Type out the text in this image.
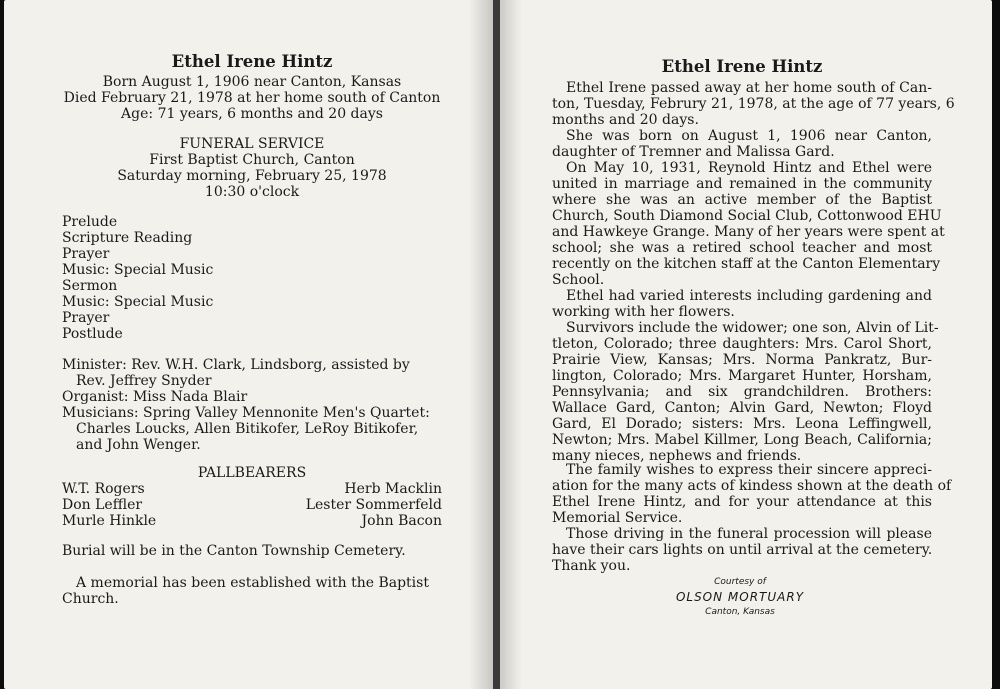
Ethel Irene Hintz
Born August 1, 1906 near Canton, Kansas
Died February 21, 1978 at her home south of Canton
Age: 71 years, 6 months and 20 days
FUNERAL SERVICE
First Baptist Church, Canton
Saturday morning, February 25, 1978
10:30 o'clock
Prelude
Scripture Reading
Prayer
Music: Special Music
Sermon
Music: Special Music
Prayer
Postlude
Minister: Rev. W.H. Clark, Lindsborg, assisted by
Rev. Jeffrey Snyder
Organist: Miss Nada Blair
Musicians: Spring Valley Mennonite Men's Quartet:
Charles Loucks, Allen Bitikofer, LeRoy Bitikofer,
and John Wenger.
PALLBEARERS
W.T. Rogers	Herb Macklin
Don Leffler	Lester Sommerfeld
Murle Hinkle	John Bacon
Burial will be in the Canton Township Cemetery.
A memorial has been established with the Baptist
Church.
Ethel Irene Hintz
Ethel Irene passed away at her home south of Can-
ton, Tuesday, Februry 21, 1978, at the age of 77 years, 6
months and 20 days.
She was born on August 1, 1906 near Canton,
daughter of Tremner and Malissa Gard.
On May 10, 1931, Reynold Hintz and Ethel were
united in marriage and remained in the community
where she was an active member of the Baptist
Church, South Diamond Social Club, Cottonwood EHU
and Hawkeye Grange. Many of her years were spent at
school; she was a retired school teacher and most
recently on the kitchen staff at the Canton Elementary
School.
Ethel had varied interests including gardening and
working with her flowers.
Survivors include the widower; one son, Alvin of Lit-
tleton, Colorado; three daughters: Mrs. Carol Short,
Prairie View, Kansas; Mrs. Norma Pankratz, Bur-
lington, Colorado; Mrs. Margaret Hunter, Horsham,
Pennsylvania; and six grandchildren. Brothers:
Wallace Gard, Canton; Alvin Gard, Newton; Floyd
Gard, El Dorado; sisters: Mrs. Leona Leffingwell,
Newton; Mrs. Mabel Killmer, Long Beach, California;
many nieces, nephews and friends.
The family wishes to express their sincere appreci-
ation for the many acts of kindess shown at the death of
Ethel Irene Hintz, and for your attendance at this
Memorial Service.
Those driving in the funeral procession will please
have their cars lights on until arrival at the cemetery.
Thank you.
Courtesy of
OLSON MORTUARY
Canton, Kansas
